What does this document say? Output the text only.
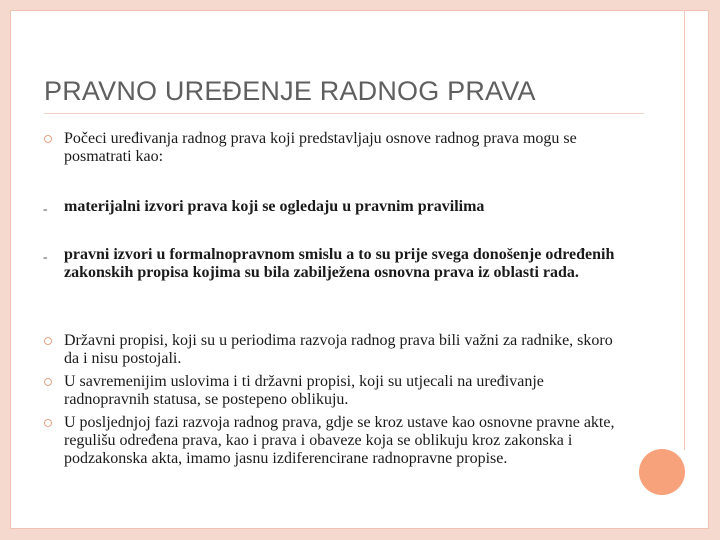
PRAVNO UREĐENJE RADNOG PRAVA
Počeci uređivanja radnog prava koji predstavljaju osnove radnog prava mogu se posmatrati kao:
- materijalni izvori prava koji se ogledaju u pravnim pravilima
- pravni izvori u formalnopravnom smislu a to su prije svega donošenje određenih zakonskih propisa kojima su bila zabilježena osnovna prava iz oblasti rada.
Državni propisi, koji su u periodima razvoja radnog prava bili važni za radnike, skoro da i nisu postojali.
U savremenijim uslovima i ti državni propisi, koji su utjecali na uređivanje radnopravnih statusa, se postepeno oblikuju.
U posljednjoj fazi razvoja radnog prava, gdje se kroz ustave kao osnovne pravne akte, regulišu određena prava, kao i prava i obaveze koja se oblikuju kroz zakonska i podzakonska akta, imamo jasnu izdiferencirane radnopravne propise.
